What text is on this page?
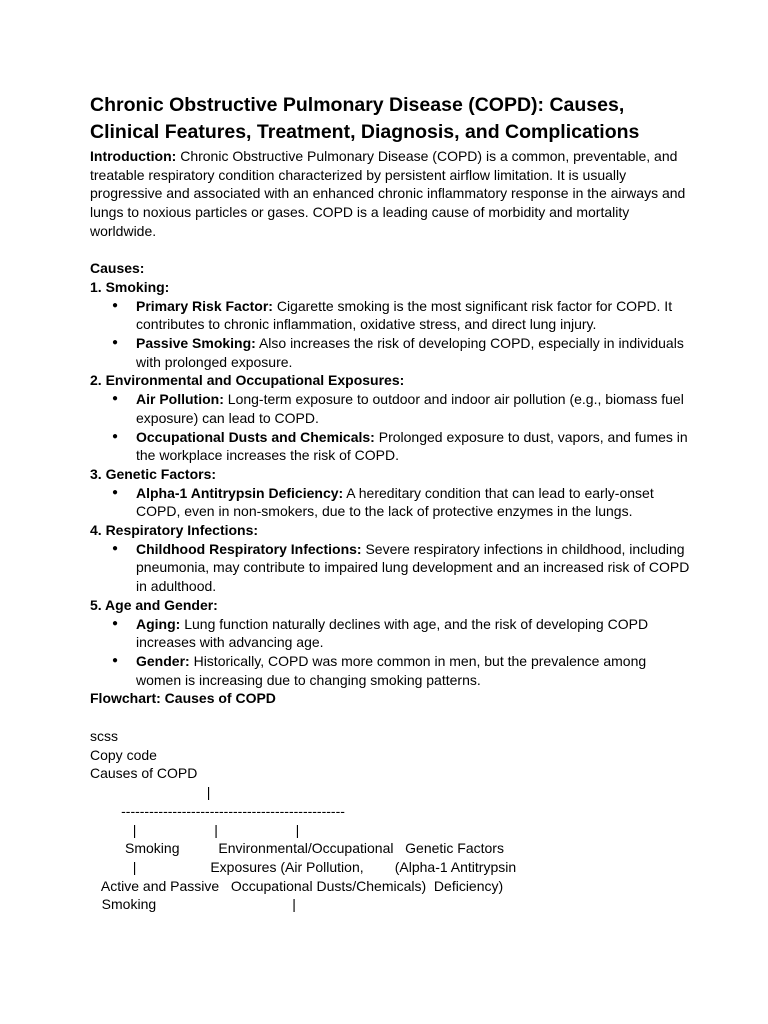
Chronic Obstructive Pulmonary Disease (COPD): Causes, Clinical Features, Treatment, Diagnosis, and Complications

Introduction: Chronic Obstructive Pulmonary Disease (COPD) is a common, preventable, and treatable respiratory condition characterized by persistent airflow limitation. It is usually progressive and associated with an enhanced chronic inflammatory response in the airways and lungs to noxious particles or gases. COPD is a leading cause of morbidity and mortality worldwide.

Causes:

1. Smoking:

● Primary Risk Factor: Cigarette smoking is the most significant risk factor for COPD. It contributes to chronic inflammation, oxidative stress, and direct lung injury.
● Passive Smoking: Also increases the risk of developing COPD, especially in individuals with prolonged exposure.

2. Environmental and Occupational Exposures:

● Air Pollution: Long-term exposure to outdoor and indoor air pollution (e.g., biomass fuel exposure) can lead to COPD.
● Occupational Dusts and Chemicals: Prolonged exposure to dust, vapors, and fumes in the workplace increases the risk of COPD.

3. Genetic Factors:

● Alpha-1 Antitrypsin Deficiency: A hereditary condition that can lead to early-onset COPD, even in non-smokers, due to the lack of protective enzymes in the lungs.

4. Respiratory Infections:

● Childhood Respiratory Infections: Severe respiratory infections in childhood, including pneumonia, may contribute to impaired lung development and an increased risk of COPD in adulthood.

5. Age and Gender:

● Aging: Lung function naturally declines with age, and the risk of developing COPD increases with advancing age.
● Gender: Historically, COPD was more common in men, but the prevalence among women is increasing due to changing smoking patterns.

Flowchart: Causes of COPD

scss
Copy code
Causes of COPD
|
------------------------------------------------
|                    |                    |
Smoking          Environmental/Occupational   Genetic Factors
|                   Exposures (Air Pollution,        (Alpha-1 Antitrypsin
Active and Passive   Occupational Dusts/Chemicals)  Deficiency)
Smoking                                   |
